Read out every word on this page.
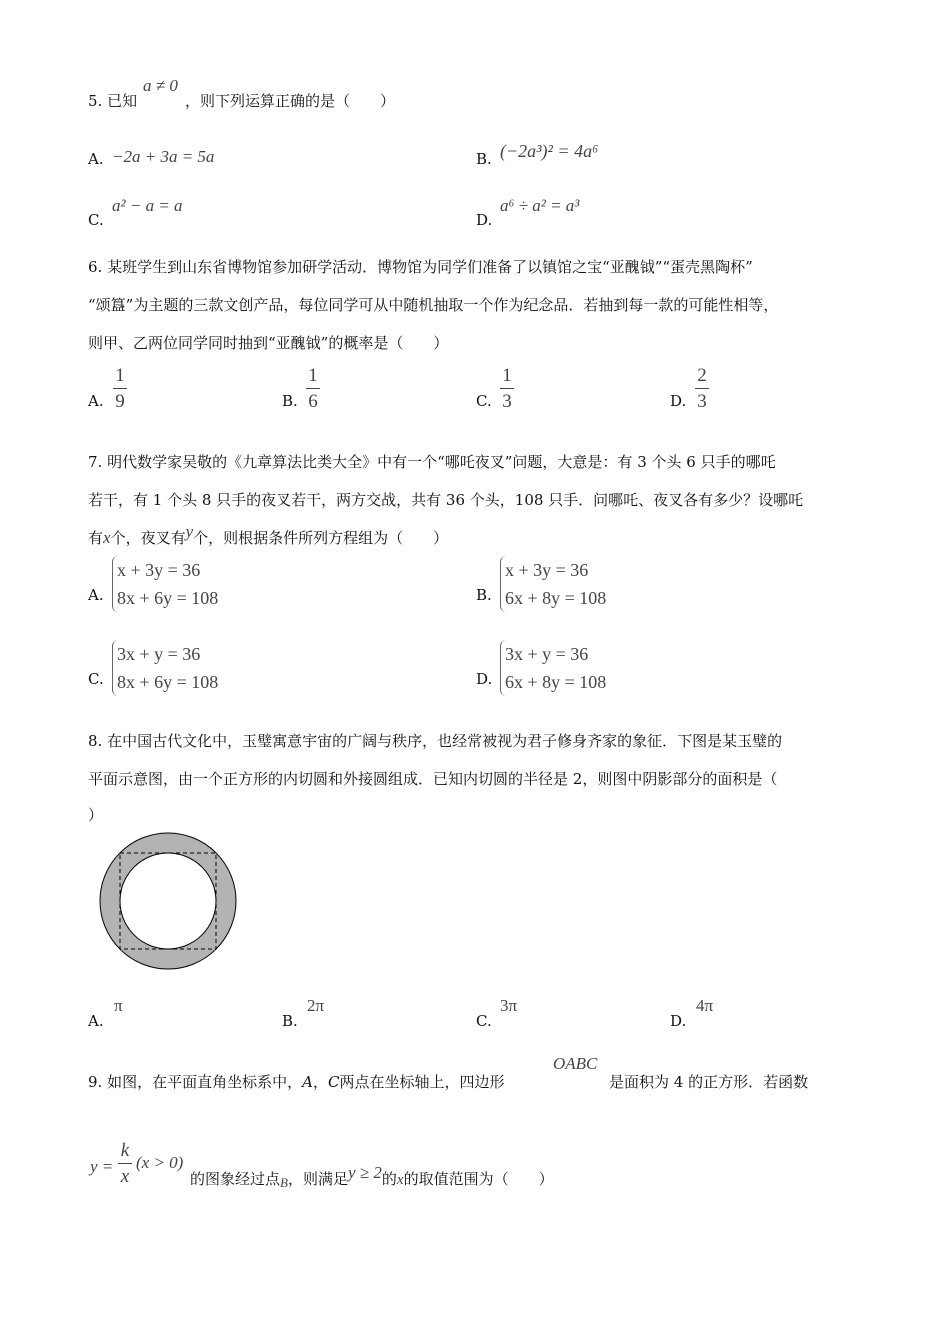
5. 已知
a ≠ 0
，则下列运算正确的是（　　）
A. −2a + 3a = 5a	B. (−2a³)² = 4a⁶
C.
a² − a = a
D.
a⁶ ÷ a² = a³
6. 某班学生到山东省博物馆参加研学活动．博物馆为同学们准备了以镇馆之宝“亚醜钺”“蛋壳黑陶杯”
“颂簋”为主题的三款文创产品，每位同学可从中随机抽取一个作为纪念品．若抽到每一款的可能性相等，
则甲、乙两位同学同时抽到“亚醜钺”的概率是（　　）
A.
1
9	B.
1
6	C.
1
3	D.
2
3
7. 明代数学家吴敬的《九章算法比类大全》中有一个“哪吒夜叉”问题，大意是：有 3 个头 6 只手的哪吒
若干，有 1 个头 8 只手的夜叉若干，两方交战，共有 36 个头，108 只手．问哪吒、夜叉各有多少？设哪吒
有x个，夜叉有y个，则根据条件所列方程组为（　　）
A.
x + 3y = 36
8x + 6y = 108	B.
x + 3y = 36
6x + 8y = 108
C.
3x + y = 36
8x + 6y = 108	D.
3x + y = 36
6x + 8y = 108
8. 在中国古代文化中，玉璧寓意宇宙的广阔与秩序，也经常被视为君子修身齐家的象征．下图是某玉璧的
平面示意图，由一个正方形的内切圆和外接圆组成．已知内切圆的半径是 2，则图中阴影部分的面积是（
）
A.
π
B.
2π
C.
3π
D.
4π
9. 如图，在平面直角坐标系中，A，C两点在坐标轴上，四边形
OABC
是面积为 4 的正方形．若函数
y =
k
x
(x > 0)
的图象经过点B，则满足y ≥ 2的x的取值范围为（　　）
